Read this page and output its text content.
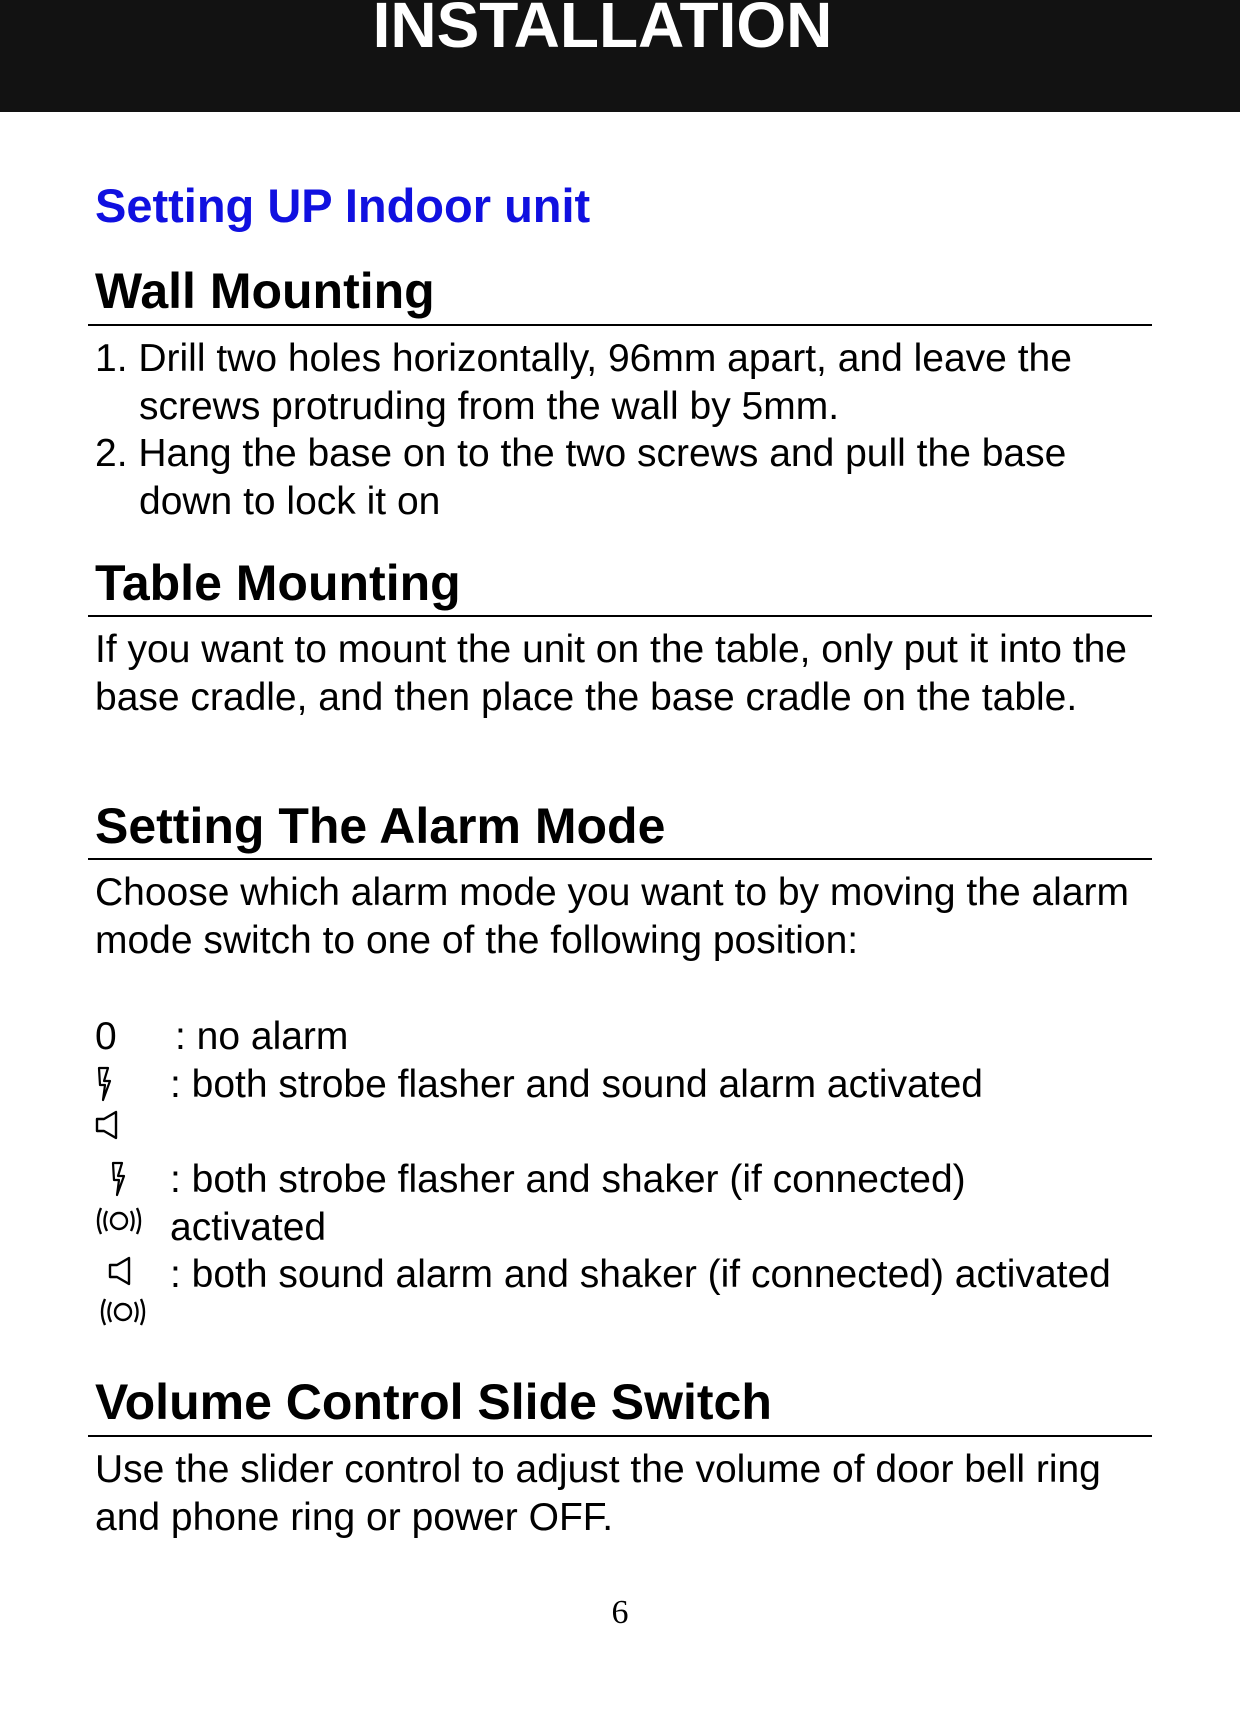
INSTALLATION
Setting UP Indoor unit
Wall Mounting
1. Drill two holes horizontally, 96mm apart, and leave the screws protruding from the wall by 5mm.
2. Hang the base on to the two screws and pull the base down to lock it on
Table Mounting

If you want to mount the unit on the table, only put it into the base cradle, and then place the base cradle on the table.

Setting The Alarm Mode

Choose which alarm mode you want to by moving the alarm mode switch to one of the following position:

0 : no alarm
: both strobe flasher and sound alarm activated
: both strobe flasher and shaker (if connected) activated
: both sound alarm and shaker (if connected) activated
Volume Control Slide Switch

Use the slider control to adjust the volume of door bell ring and phone ring or power OFF.

6
